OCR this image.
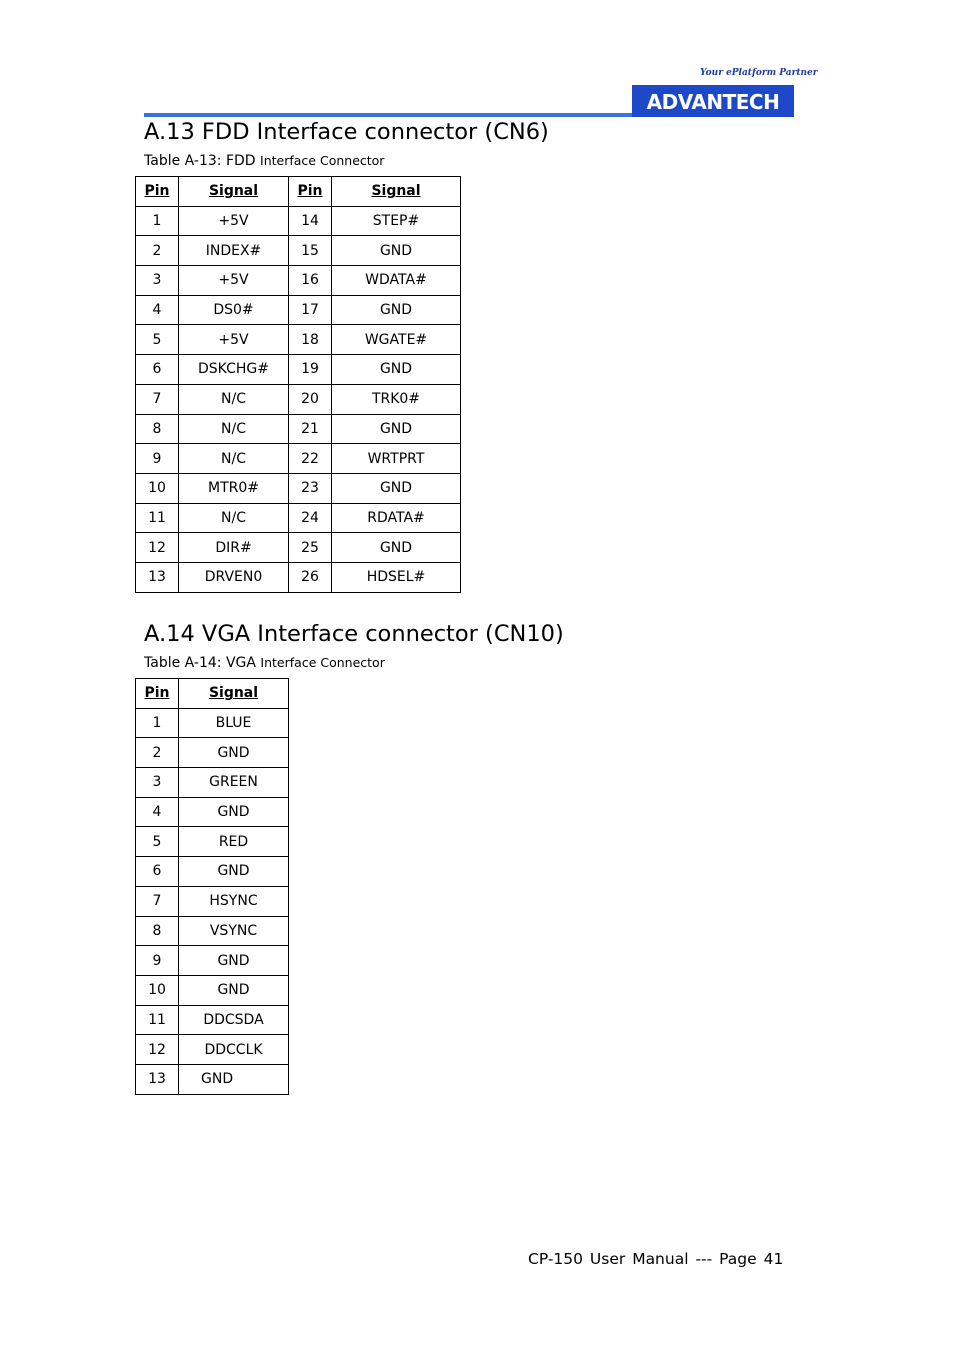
Your ePlatform Partner
ADVANTECH
A.13 FDD Interface connector (CN6)
Table A-13: FDD Interface Connector
Pin	Signal	Pin	Signal
1	+5V	14	STEP#
2	INDEX#	15	GND
3	+5V	16	WDATA#
4	DS0#	17	GND
5	+5V	18	WGATE#
6	DSKCHG#	19	GND
7	N/C	20	TRK0#
8	N/C	21	GND
9	N/C	22	WRTPRT
10	MTR0#	23	GND
11	N/C	24	RDATA#
12	DIR#	25	GND
13	DRVEN0	26	HDSEL#
A.14 VGA Interface connector (CN10)
Table A-14: VGA Interface Connector
Pin	Signal
1	BLUE
2	GND
3	GREEN
4	GND
5	RED
6	GND
7	HSYNC
8	VSYNC
9	GND
10	GND
11	DDCSDA
12	DDCCLK
13	GND
CP-150 User Manual --- Page 41
